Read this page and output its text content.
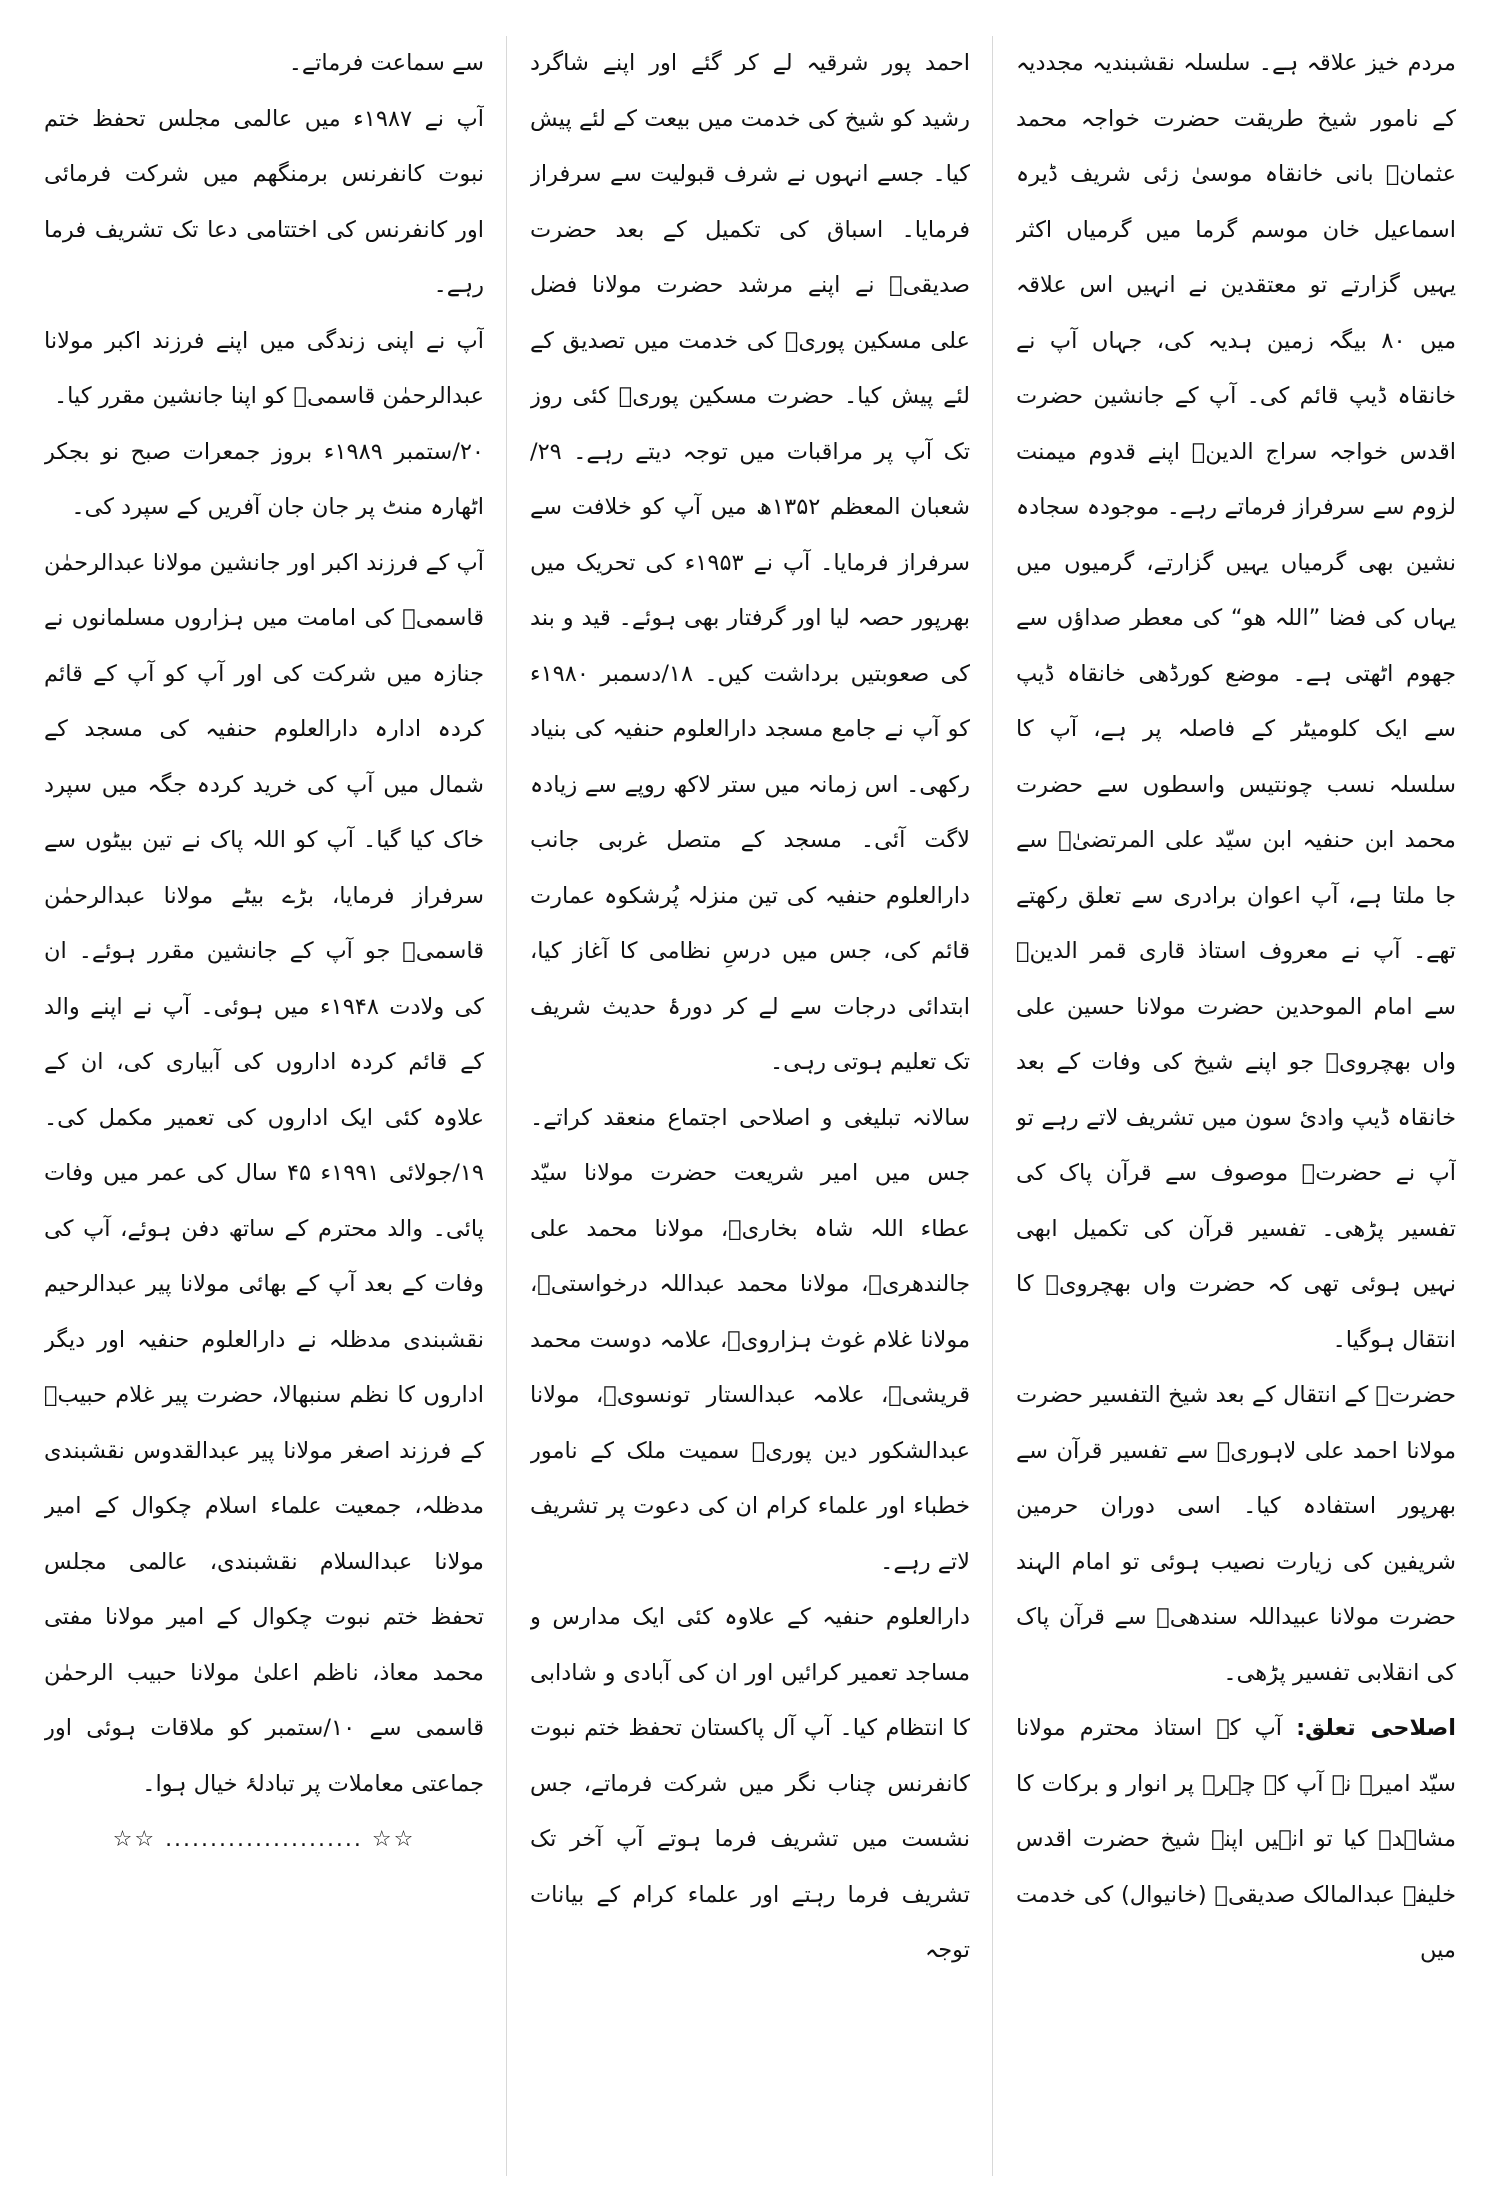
مردم خیز علاقہ ہے۔ سلسلہ نقشبندیہ مجددیہ کے نامور شیخ طریقت حضرت خواجہ محمد عثمانؒ بانی خانقاہ موسیٰ زئی شریف ڈیرہ اسماعیل خان موسم گرما میں گرمیاں اکثر یہیں گزارتے تو معتقدین نے انہیں اس علاقہ میں ۸۰ بیگہ زمین ہدیہ کی، جہاں آپ نے خانقاہ ڈیپ قائم کی۔ آپ کے جانشین حضرت اقدس خواجہ سراج الدینؒ اپنے قدوم میمنت لزوم سے سرفراز فرماتے رہے۔ موجودہ سجادہ نشین بھی گرمیاں یہیں گزارتے، گرمیوں میں یہاں کی فضا ”اللہ ھو“ کی معطر صداؤں سے جھوم اٹھتی ہے۔ موضع کورڈھی خانقاہ ڈیپ سے ایک کلومیٹر کے فاصلہ پر ہے، آپ کا سلسلہ نسب چونتیس واسطوں سے حضرت محمد ابن حنفیہ ابن سیّد علی المرتضیٰؓ سے جا ملتا ہے، آپ اعوان برادری سے تعلق رکھتے تھے۔ آپ نے معروف استاذ قاری قمر الدینؒ سے امام الموحدین حضرت مولانا حسین علی واں بھچرویؒ جو اپنے شیخ کی وفات کے بعد خانقاہ ڈیپ وادیٔ سون میں تشریف لاتے رہے تو آپ نے حضرتؒ موصوف سے قرآن پاک کی تفسیر پڑھی۔ تفسیر قرآن کی تکمیل ابھی نہیں ہوئی تھی کہ حضرت واں بھچرویؒ کا انتقال ہوگیا۔

حضرتؒ کے انتقال کے بعد شیخ التفسیر حضرت مولانا احمد علی لاہوریؒ سے تفسیر قرآن سے بھرپور استفادہ کیا۔ اسی دوران حرمین شریفین کی زیارت نصیب ہوئی تو امام الہند حضرت مولانا عبیداللہ سندھیؒ سے قرآن پاک کی انقلابی تفسیر پڑھی۔

اصلاحی تعلق: آپ کے استاذ محترم مولانا سیّد امیرؒ نے آپ کے چہرہ پر انوار و برکات کا مشاہدہ کیا تو انہیں اپنے شیخ حضرت اقدس خلیفہ عبدالمالک صدیقیؒ (خانیوال) کی خدمت میں

احمد پور شرقیہ لے کر گئے اور اپنے شاگرد رشید کو شیخ کی خدمت میں بیعت کے لئے پیش کیا۔ جسے انہوں نے شرف قبولیت سے سرفراز فرمایا۔ اسباق کی تکمیل کے بعد حضرت صدیقیؒ نے اپنے مرشد حضرت مولانا فضل علی مسکین پوریؒ کی خدمت میں تصدیق کے لئے پیش کیا۔ حضرت مسکین پوریؒ کئی روز تک آپ پر مراقبات میں توجہ دیتے رہے۔ ۲۹/شعبان المعظم ۱۳۵۲ھ میں آپ کو خلافت سے سرفراز فرمایا۔ آپ نے ۱۹۵۳ء کی تحریک میں بھرپور حصہ لیا اور گرفتار بھی ہوئے۔ قید و بند کی صعوبتیں برداشت کیں۔ ۱۸/دسمبر ۱۹۸۰ء کو آپ نے جامع مسجد دارالعلوم حنفیہ کی بنیاد رکھی۔ اس زمانہ میں ستر لاکھ روپے سے زیادہ لاگت آئی۔ مسجد کے متصل غربی جانب دارالعلوم حنفیہ کی تین منزلہ پُرشکوہ عمارت قائم کی، جس میں درسِ نظامی کا آغاز کیا، ابتدائی درجات سے لے کر دورۂ حدیث شریف تک تعلیم ہوتی رہی۔

سالانہ تبلیغی و اصلاحی اجتماع منعقد کراتے۔ جس میں امیر شریعت حضرت مولانا سیّد عطاء اللہ شاہ بخاریؒ، مولانا محمد علی جالندھریؒ، مولانا محمد عبداللہ درخواستیؒ، مولانا غلام غوث ہزارویؒ، علامہ دوست محمد قریشیؒ، علامہ عبدالستار تونسویؒ، مولانا عبدالشکور دین پوریؒ سمیت ملک کے نامور خطباء اور علماء کرام ان کی دعوت پر تشریف لاتے رہے۔

دارالعلوم حنفیہ کے علاوہ کئی ایک مدارس و مساجد تعمیر کرائیں اور ان کی آبادی و شادابی کا انتظام کیا۔ آپ آل پاکستان تحفظ ختم نبوت کانفرنس چناب نگر میں شرکت فرماتے، جس نشست میں تشریف فرما ہوتے آپ آخر تک تشریف فرما رہتے اور علماء کرام کے بیانات توجہ

سے سماعت فرماتے۔

آپ نے ۱۹۸۷ء میں عالمی مجلس تحفظ ختم نبوت کانفرنس برمنگھم میں شرکت فرمائی اور کانفرنس کی اختتامی دعا تک تشریف فرما رہے۔

آپ نے اپنی زندگی میں اپنے فرزند اکبر مولانا عبدالرحمٰن قاسمیؒ کو اپنا جانشین مقرر کیا۔

۲۰/ستمبر ۱۹۸۹ء بروز جمعرات صبح نو بجکر اٹھارہ منٹ پر جان جان آفریں کے سپرد کی۔

آپ کے فرزند اکبر اور جانشین مولانا عبدالرحمٰن قاسمیؒ کی امامت میں ہزاروں مسلمانوں نے جنازہ میں شرکت کی اور آپ کو آپ کے قائم کردہ ادارہ دارالعلوم حنفیہ کی مسجد کے شمال میں آپ کی خرید کردہ جگہ میں سپرد خاک کیا گیا۔ آپ کو اللہ پاک نے تین بیٹوں سے سرفراز فرمایا، بڑے بیٹے مولانا عبدالرحمٰن قاسمیؒ جو آپ کے جانشین مقرر ہوئے۔ ان کی ولادت ۱۹۴۸ء میں ہوئی۔ آپ نے اپنے والد کے قائم کردہ اداروں کی آبیاری کی، ان کے علاوہ کئی ایک اداروں کی تعمیر مکمل کی۔ ۱۹/جولائی ۱۹۹۱ء ۴۵ سال کی عمر میں وفات پائی۔ والد محترم کے ساتھ دفن ہوئے، آپ کی وفات کے بعد آپ کے بھائی مولانا پیر عبدالرحیم نقشبندی مدظلہ نے دارالعلوم حنفیہ اور دیگر اداروں کا نظم سنبھالا، حضرت پیر غلام حبیبؒ کے فرزند اصغر مولانا پیر عبدالقدوس نقشبندی مدظلہ، جمعیت علماء اسلام چکوال کے امیر مولانا عبدالسلام نقشبندی، عالمی مجلس تحفظ ختم نبوت چکوال کے امیر مولانا مفتی محمد معاذ، ناظم اعلیٰ مولانا حبیب الرحمٰن قاسمی سے ۱۰/ستمبر کو ملاقات ہوئی اور جماعتی معاملات پر تبادلۂ خیال ہوا۔

☆☆ ...................... ☆☆
